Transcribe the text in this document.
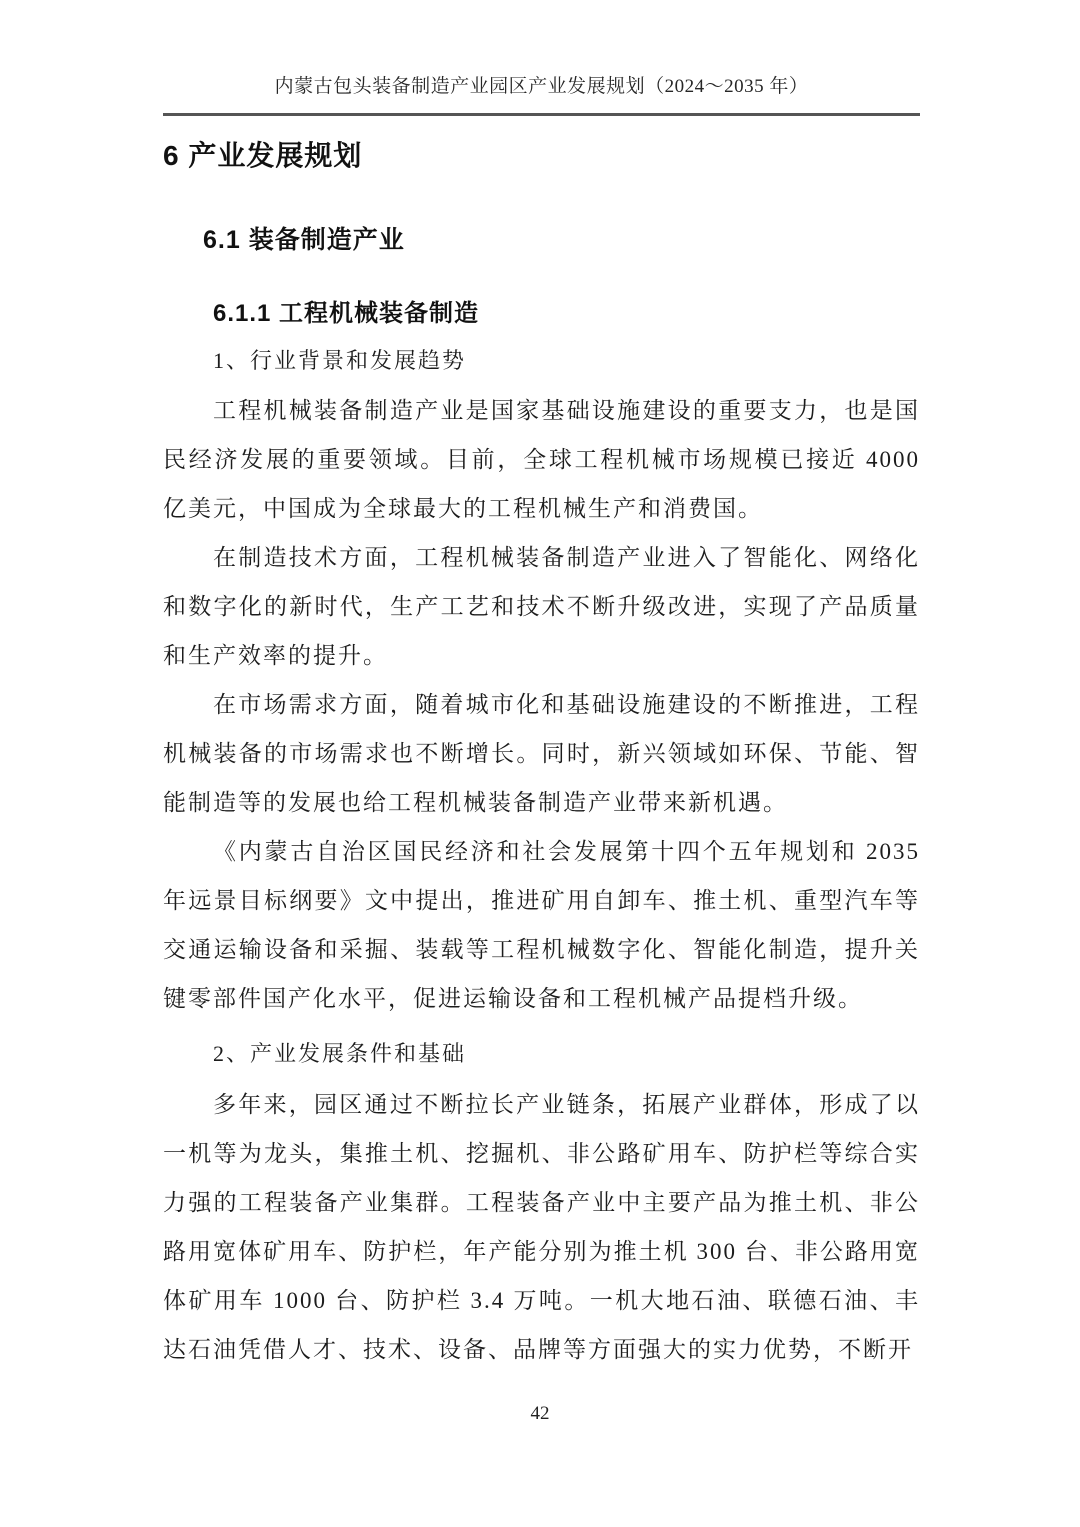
内蒙古包头装备制造产业园区产业发展规划（2024～2035 年）
6 产业发展规划
6.1 装备制造产业
6.1.1 工程机械装备制造
1、行业背景和发展趋势

工程机械装备制造产业是国家基础设施建设的重要支力，也是国民经济发展的重要领域。目前，全球工程机械市场规模已接近 4000 亿美元，中国成为全球最大的工程机械生产和消费国。

在制造技术方面，工程机械装备制造产业进入了智能化、网络化和数字化的新时代，生产工艺和技术不断升级改进，实现了产品质量和生产效率的提升。

在市场需求方面，随着城市化和基础设施建设的不断推进，工程机械装备的市场需求也不断增长。同时，新兴领域如环保、节能、智能制造等的发展也给工程机械装备制造产业带来新机遇。

《内蒙古自治区国民经济和社会发展第十四个五年规划和 2035 年远景目标纲要》文中提出，推进矿用自卸车、推土机、重型汽车等交通运输设备和采掘、装载等工程机械数字化、智能化制造，提升关键零部件国产化水平，促进运输设备和工程机械产品提档升级。

2、产业发展条件和基础

多年来，园区通过不断拉长产业链条，拓展产业群体，形成了以一机等为龙头，集推土机、挖掘机、非公路矿用车、防护栏等综合实力强的工程装备产业集群。工程装备产业中主要产品为推土机、非公路用宽体矿用车、防护栏，年产能分别为推土机 300 台、非公路用宽体矿用车 1000 台、防护栏 3.4 万吨。一机大地石油、联德石油、丰达石油凭借人才、技术、设备、品牌等方面强大的实力优势，不断开

42
